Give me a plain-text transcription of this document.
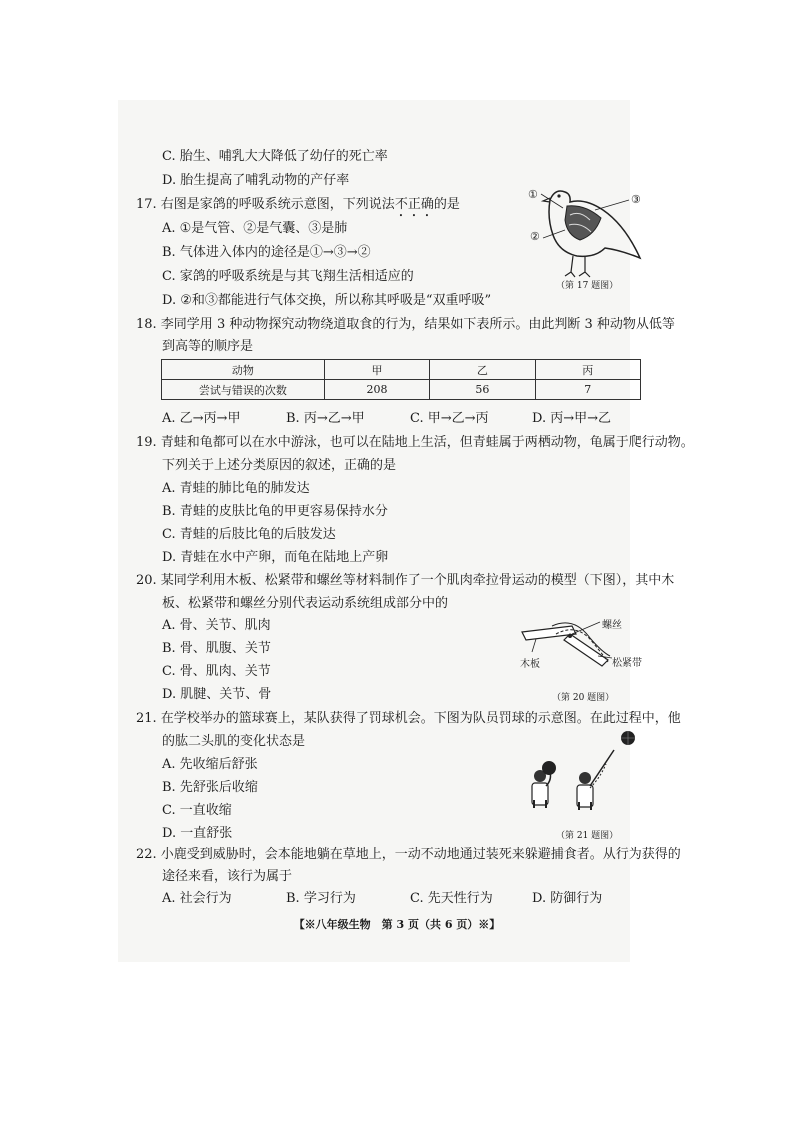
C. 胎生、哺乳大大降低了幼仔的死亡率
D. 胎生提高了哺乳动物的产仔率
17. 右图是家鸽的呼吸系统示意图，下列说法不正确的是
A. ①是气管、②是气囊、③是肺
B. 气体进入体内的途径是①→③→②
C. 家鸽的呼吸系统是与其飞翔生活相适应的
D. ②和③都能进行气体交换，所以称其呼吸是“双重呼吸”
①
②
③
（第 17 题图）
18. 李同学用 3 种动物探究动物绕道取食的行为，结果如下表所示。由此判断 3 种动物从低等
到高等的顺序是
动物	甲	乙	丙
尝试与错误的次数	208	56	7
A. 乙→丙→甲	B. 丙→乙→甲	C. 甲→乙→丙	D. 丙→甲→乙
19. 青蛙和龟都可以在水中游泳，也可以在陆地上生活，但青蛙属于两栖动物，龟属于爬行动物。
下列关于上述分类原因的叙述，正确的是
A. 青蛙的肺比龟的肺发达
B. 青蛙的皮肤比龟的甲更容易保持水分
C. 青蛙的后肢比龟的后肢发达
D. 青蛙在水中产卵，而龟在陆地上产卵
20. 某同学利用木板、松紧带和螺丝等材料制作了一个肌肉牵拉骨运动的模型（下图），其中木
板、松紧带和螺丝分别代表运动系统组成部分中的
A. 骨、关节、肌肉
B. 骨、肌腹、关节
C. 骨、肌肉、关节
D. 肌腱、关节、骨
螺丝
木板	松紧带
（第 20 题图）
21. 在学校举办的篮球赛上，某队获得了罚球机会。下图为队员罚球的示意图。在此过程中，他
的肱二头肌的变化状态是
A. 先收缩后舒张
B. 先舒张后收缩
C. 一直收缩
D. 一直舒张	（第 21 题图）
22. 小鹿受到威胁时，会本能地躺在草地上，一动不动地通过装死来躲避捕食者。从行为获得的
途径来看，该行为属于
A. 社会行为	B. 学习行为	C. 先天性行为	D. 防御行为
【※八年级生物　第 3 页（共 6 页）※】
